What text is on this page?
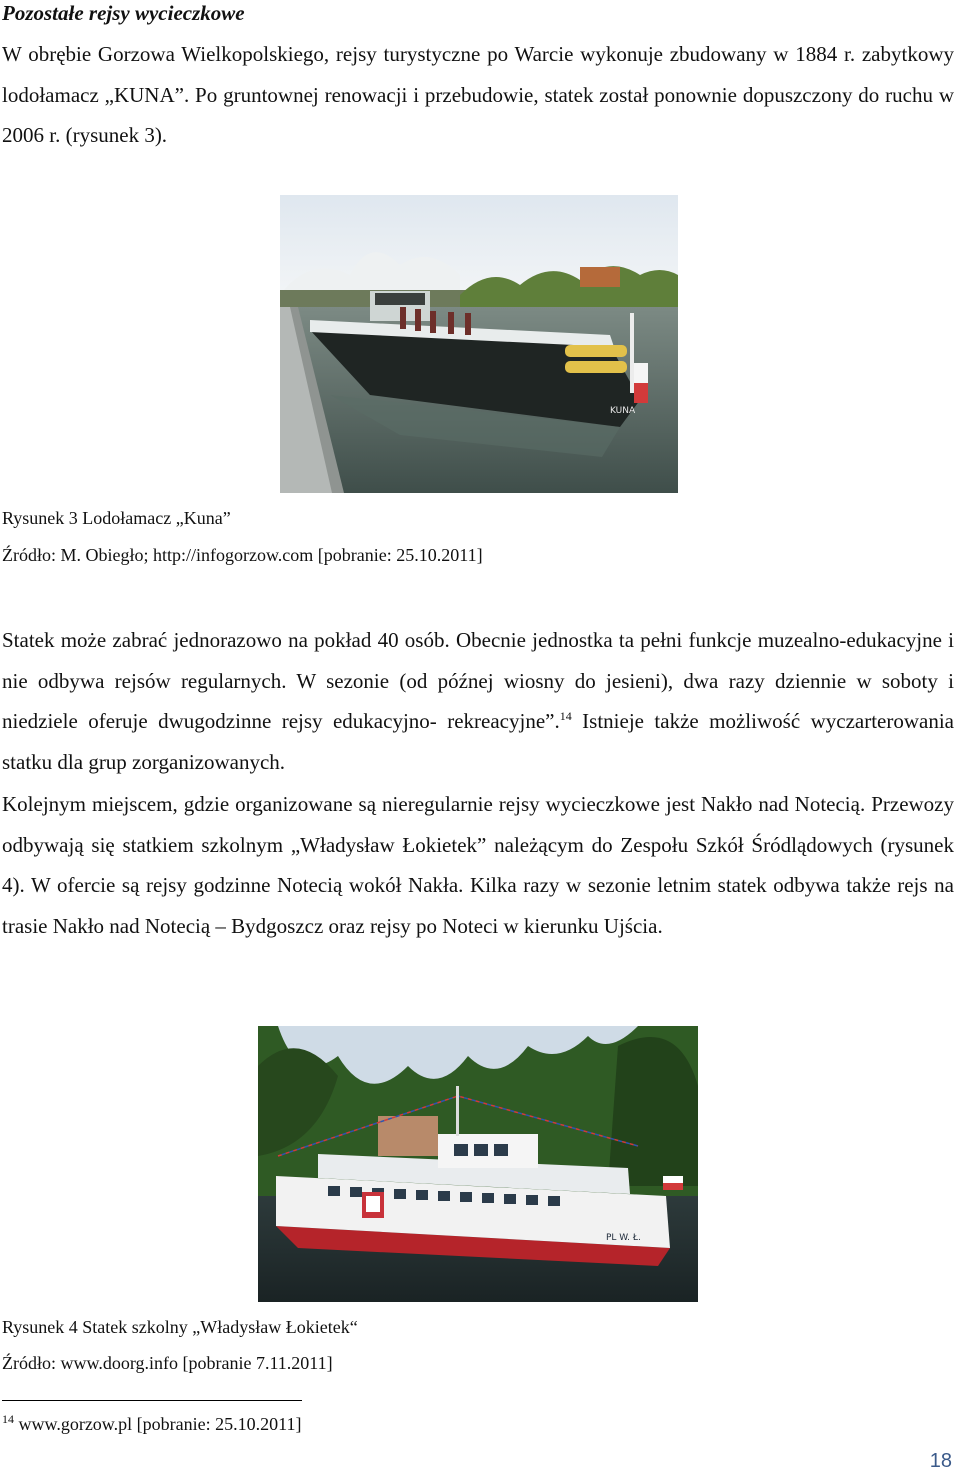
Pozostałe rejsy wycieczkowe

W obrębie Gorzowa Wielkopolskiego, rejsy turystyczne po Warcie wykonuje zbudowany w 1884 r. zabytkowy lodołamacz „KUNA”. Po gruntownej renowacji i przebudowie, statek został ponownie dopuszczony do ruchu w 2006 r. (rysunek 3).

KUNA
Rysunek 3 Lodołamacz „Kuna”
Źródło: M. Obiegło; http://infogorzow.com [pobranie: 25.10.2011]

Statek może zabrać jednorazowo na pokład 40 osób. Obecnie jednostka ta pełni funkcje muzealno-edukacyjne i nie odbywa rejsów regularnych. W sezonie (od późnej wiosny do jesieni), dwa razy dziennie w soboty i niedziele oferuje dwugodzinne rejsy edukacyjno- rekreacyjne”.$^{14}$ Istnieje także możliwość wyczarterowania statku dla grup zorganizowanych.

Kolejnym miejscem, gdzie organizowane są nieregularnie rejsy wycieczkowe jest Nakło nad Notecią. Przewozy odbywają się statkiem szkolnym „Władysław Łokietek” należącym do Zespołu Szkół Śródlądowych (rysunek 4). W ofercie są rejsy godzinne Notecią wokół Nakła. Kilka razy w sezonie letnim statek odbywa także rejs na trasie Nakło nad Notecią – Bydgoszcz oraz rejsy po Noteci w kierunku Ujścia.

PL W. Ł.
Rysunek 4 Statek szkolny „Władysław Łokietek“
Źródło: www.doorg.info [pobranie 7.11.2011]
$^{14}$ www.gorzow.pl [pobranie: 25.10.2011]
18
